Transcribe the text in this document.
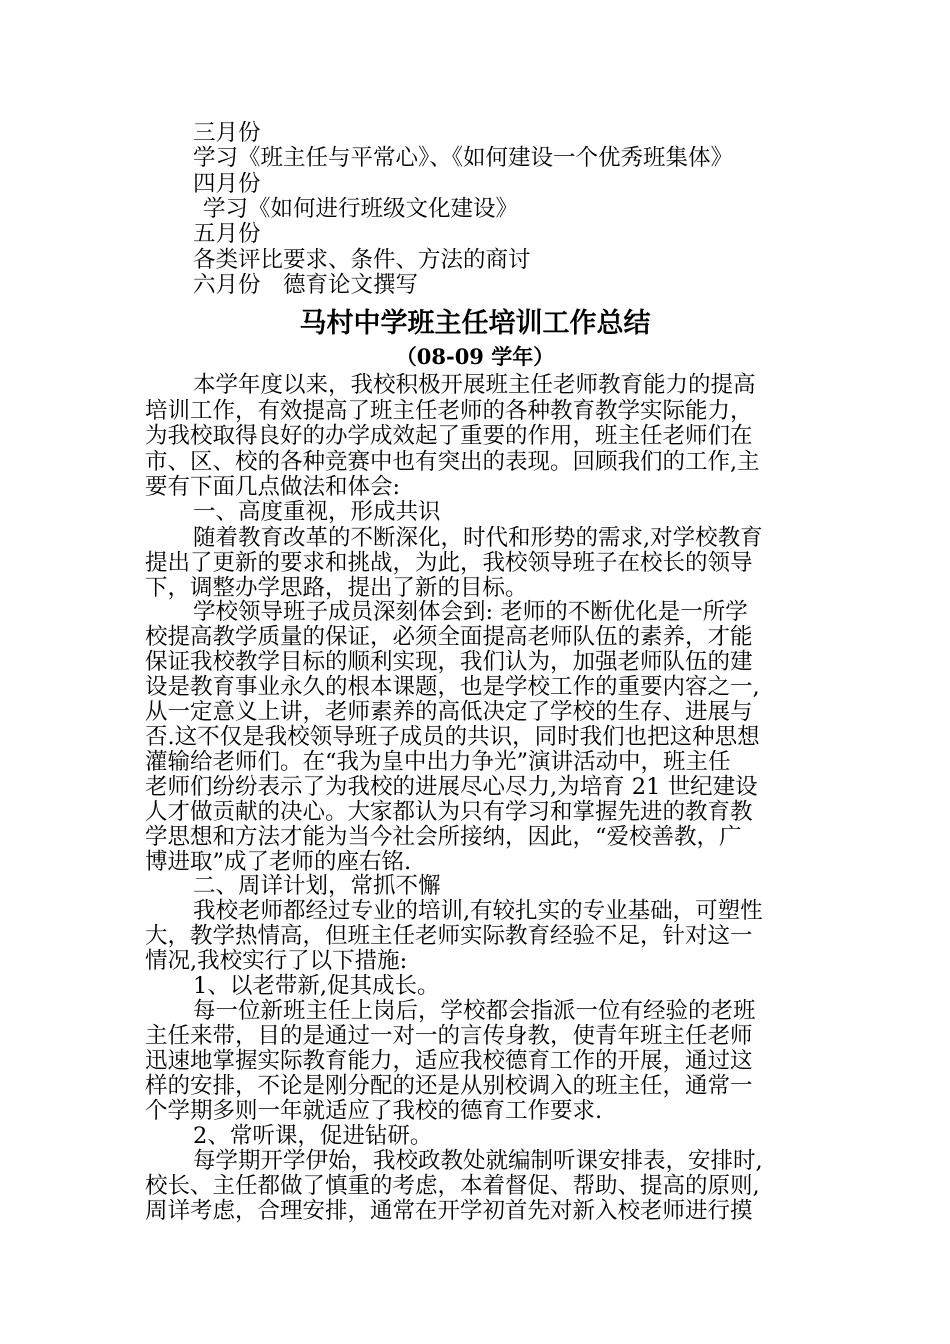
三月份
学习《班主任与平常心》、《如何建设一个优秀班集体》
四月份
学习《如何进行班级文化建设》
五月份
各类评比要求、条件、方法的商讨
六月份　德育论文撰写
马村中学班主任培训工作总结
（08-09 学年）
本学年度以来，我校积极开展班主任老师教育能力的提高
培训工作，有效提高了班主任老师的各种教育教学实际能力，
为我校取得良好的办学成效起了重要的作用，班主任老师们在
市、区、校的各种竞赛中也有突出的表现。回顾我们的工作,主
要有下面几点做法和体会:
一、高度重视，形成共识
随着教育改革的不断深化，时代和形势的需求,对学校教育
提出了更新的要求和挑战，为此，我校领导班子在校长的领导
下，调整办学思路，提出了新的目标。
学校领导班子成员深刻体会到: 老师的不断优化是一所学
校提高教学质量的保证，必须全面提高老师队伍的素养，才能
保证我校教学目标的顺利实现，我们认为，加强老师队伍的建
设是教育事业永久的根本课题，也是学校工作的重要内容之一,
从一定意义上讲，老师素养的高低决定了学校的生存、进展与
否.这不仅是我校领导班子成员的共识，同时我们也把这种思想
灌输给老师们。在“我为皇中出力争光”演讲活动中，班主任
老师们纷纷表示了为我校的进展尽心尽力,为培育 21 世纪建设
人才做贡献的决心。大家都认为只有学习和掌握先进的教育教
学思想和方法才能为当今社会所接纳，因此，“爱校善教，广
博进取”成了老师的座右铭.
二、周详计划，常抓不懈
我校老师都经过专业的培训,有较扎实的专业基础，可塑性
大，教学热情高，但班主任老师实际教育经验不足，针对这一
情况,我校实行了以下措施:
1、以老带新,促其成长。
每一位新班主任上岗后，学校都会指派一位有经验的老班
主任来带，目的是通过一对一的言传身教，使青年班主任老师
迅速地掌握实际教育能力，适应我校德育工作的开展，通过这
样的安排，不论是刚分配的还是从别校调入的班主任，通常一
个学期多则一年就适应了我校的德育工作要求.
2、常听课，促进钻研。
每学期开学伊始，我校政教处就编制听课安排表，安排时,
校长、主任都做了慎重的考虑，本着督促、帮助、提高的原则,
周详考虑，合理安排，通常在开学初首先对新入校老师进行摸
